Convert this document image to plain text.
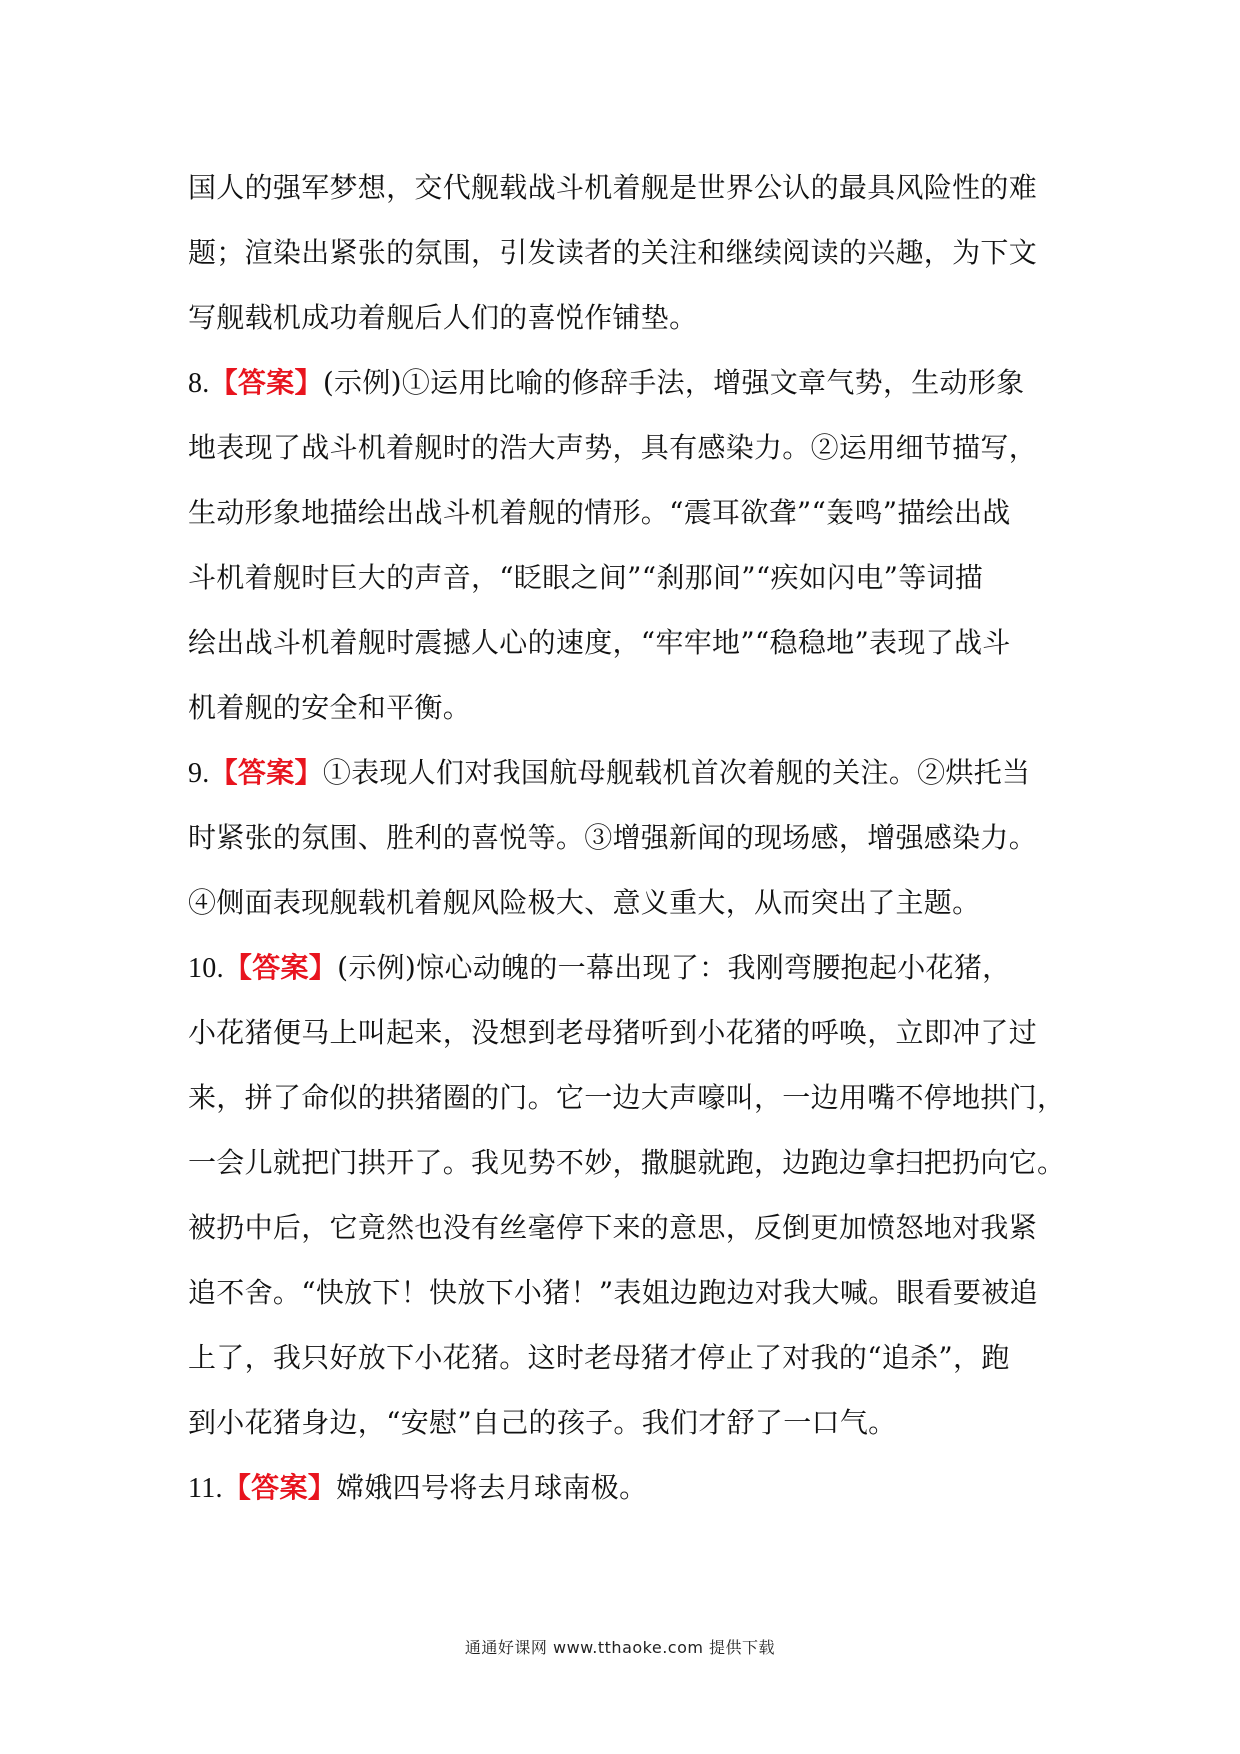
国人的强军梦想，交代舰载战斗机着舰是世界公认的最具风险性的难
题；渲染出紧张的氛围，引发读者的关注和继续阅读的兴趣，为下文
写舰载机成功着舰后人们的喜悦作铺垫。
8.【答案】(示例)①运用比喻的修辞手法，增强文章气势，生动形象
地表现了战斗机着舰时的浩大声势，具有感染力。②运用细节描写，
生动形象地描绘出战斗机着舰的情形。“震耳欲聋”“轰鸣”描绘出战
斗机着舰时巨大的声音，“眨眼之间”“刹那间”“疾如闪电”等词描
绘出战斗机着舰时震撼人心的速度，“牢牢地”“稳稳地”表现了战斗
机着舰的安全和平衡。
9.【答案】①表现人们对我国航母舰载机首次着舰的关注。②烘托当
时紧张的氛围、胜利的喜悦等。③增强新闻的现场感，增强感染力。
④侧面表现舰载机着舰风险极大、意义重大，从而突出了主题。
10.【答案】(示例)惊心动魄的一幕出现了：我刚弯腰抱起小花猪，
小花猪便马上叫起来，没想到老母猪听到小花猪的呼唤，立即冲了过
来，拼了命似的拱猪圈的门。它一边大声嚎叫，一边用嘴不停地拱门，
一会儿就把门拱开了。我见势不妙，撒腿就跑，边跑边拿扫把扔向它。
被扔中后，它竟然也没有丝毫停下来的意思，反倒更加愤怒地对我紧
追不舍。“快放下！快放下小猪！”表姐边跑边对我大喊。眼看要被追
上了，我只好放下小花猪。这时老母猪才停止了对我的“追杀”，跑
到小花猪身边，“安慰”自己的孩子。我们才舒了一口气。
11.【答案】嫦娥四号将去月球南极。
通通好课网 www.tthaoke.com 提供下载
